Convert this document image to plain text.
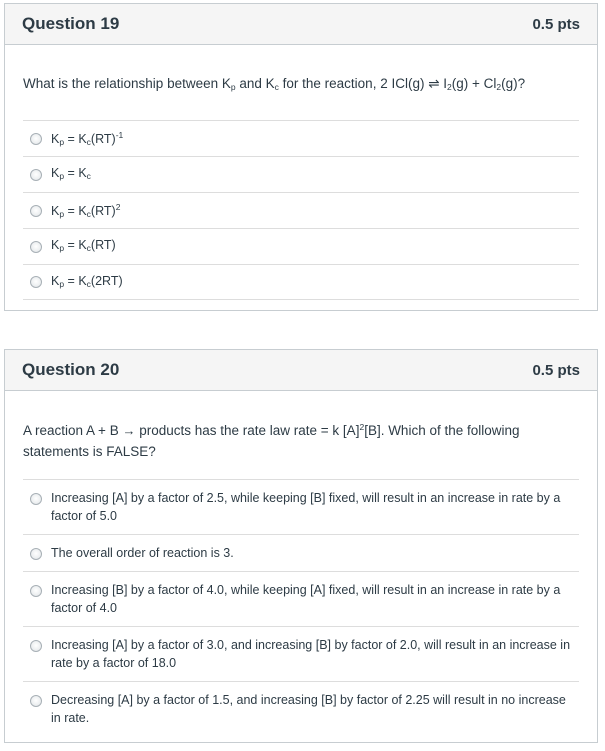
Question 19	0.5 pts
What is the relationship between $K_p$ and $K_c$ for the reaction, 2 ICl(g) ⇌ $I_2(g) + Cl_2(g)$?
$K_p = K_c(RT)^{-1}$
$K_p = K_c$
$K_p = K_c(RT)^2$
$K_p = K_c(RT)$
$K_p = K_c(2RT)$
Question 20	0.5 pts
A reaction A + B → products has the rate law rate = k $[A]^2[B]$. Which of the following statements is FALSE?
Increasing [A] by a factor of 2.5, while keeping [B] fixed, will result in an increase in rate by a factor of 5.0
The overall order of reaction is 3.
Increasing [B] by a factor of 4.0, while keeping [A] fixed, will result in an increase in rate by a factor of 4.0
Increasing [A] by a factor of 3.0, and increasing [B] by factor of 2.0, will result in an increase in rate by a factor of 18.0
Decreasing [A] by a factor of 1.5, and increasing [B] by factor of 2.25 will result in no increase in rate.
